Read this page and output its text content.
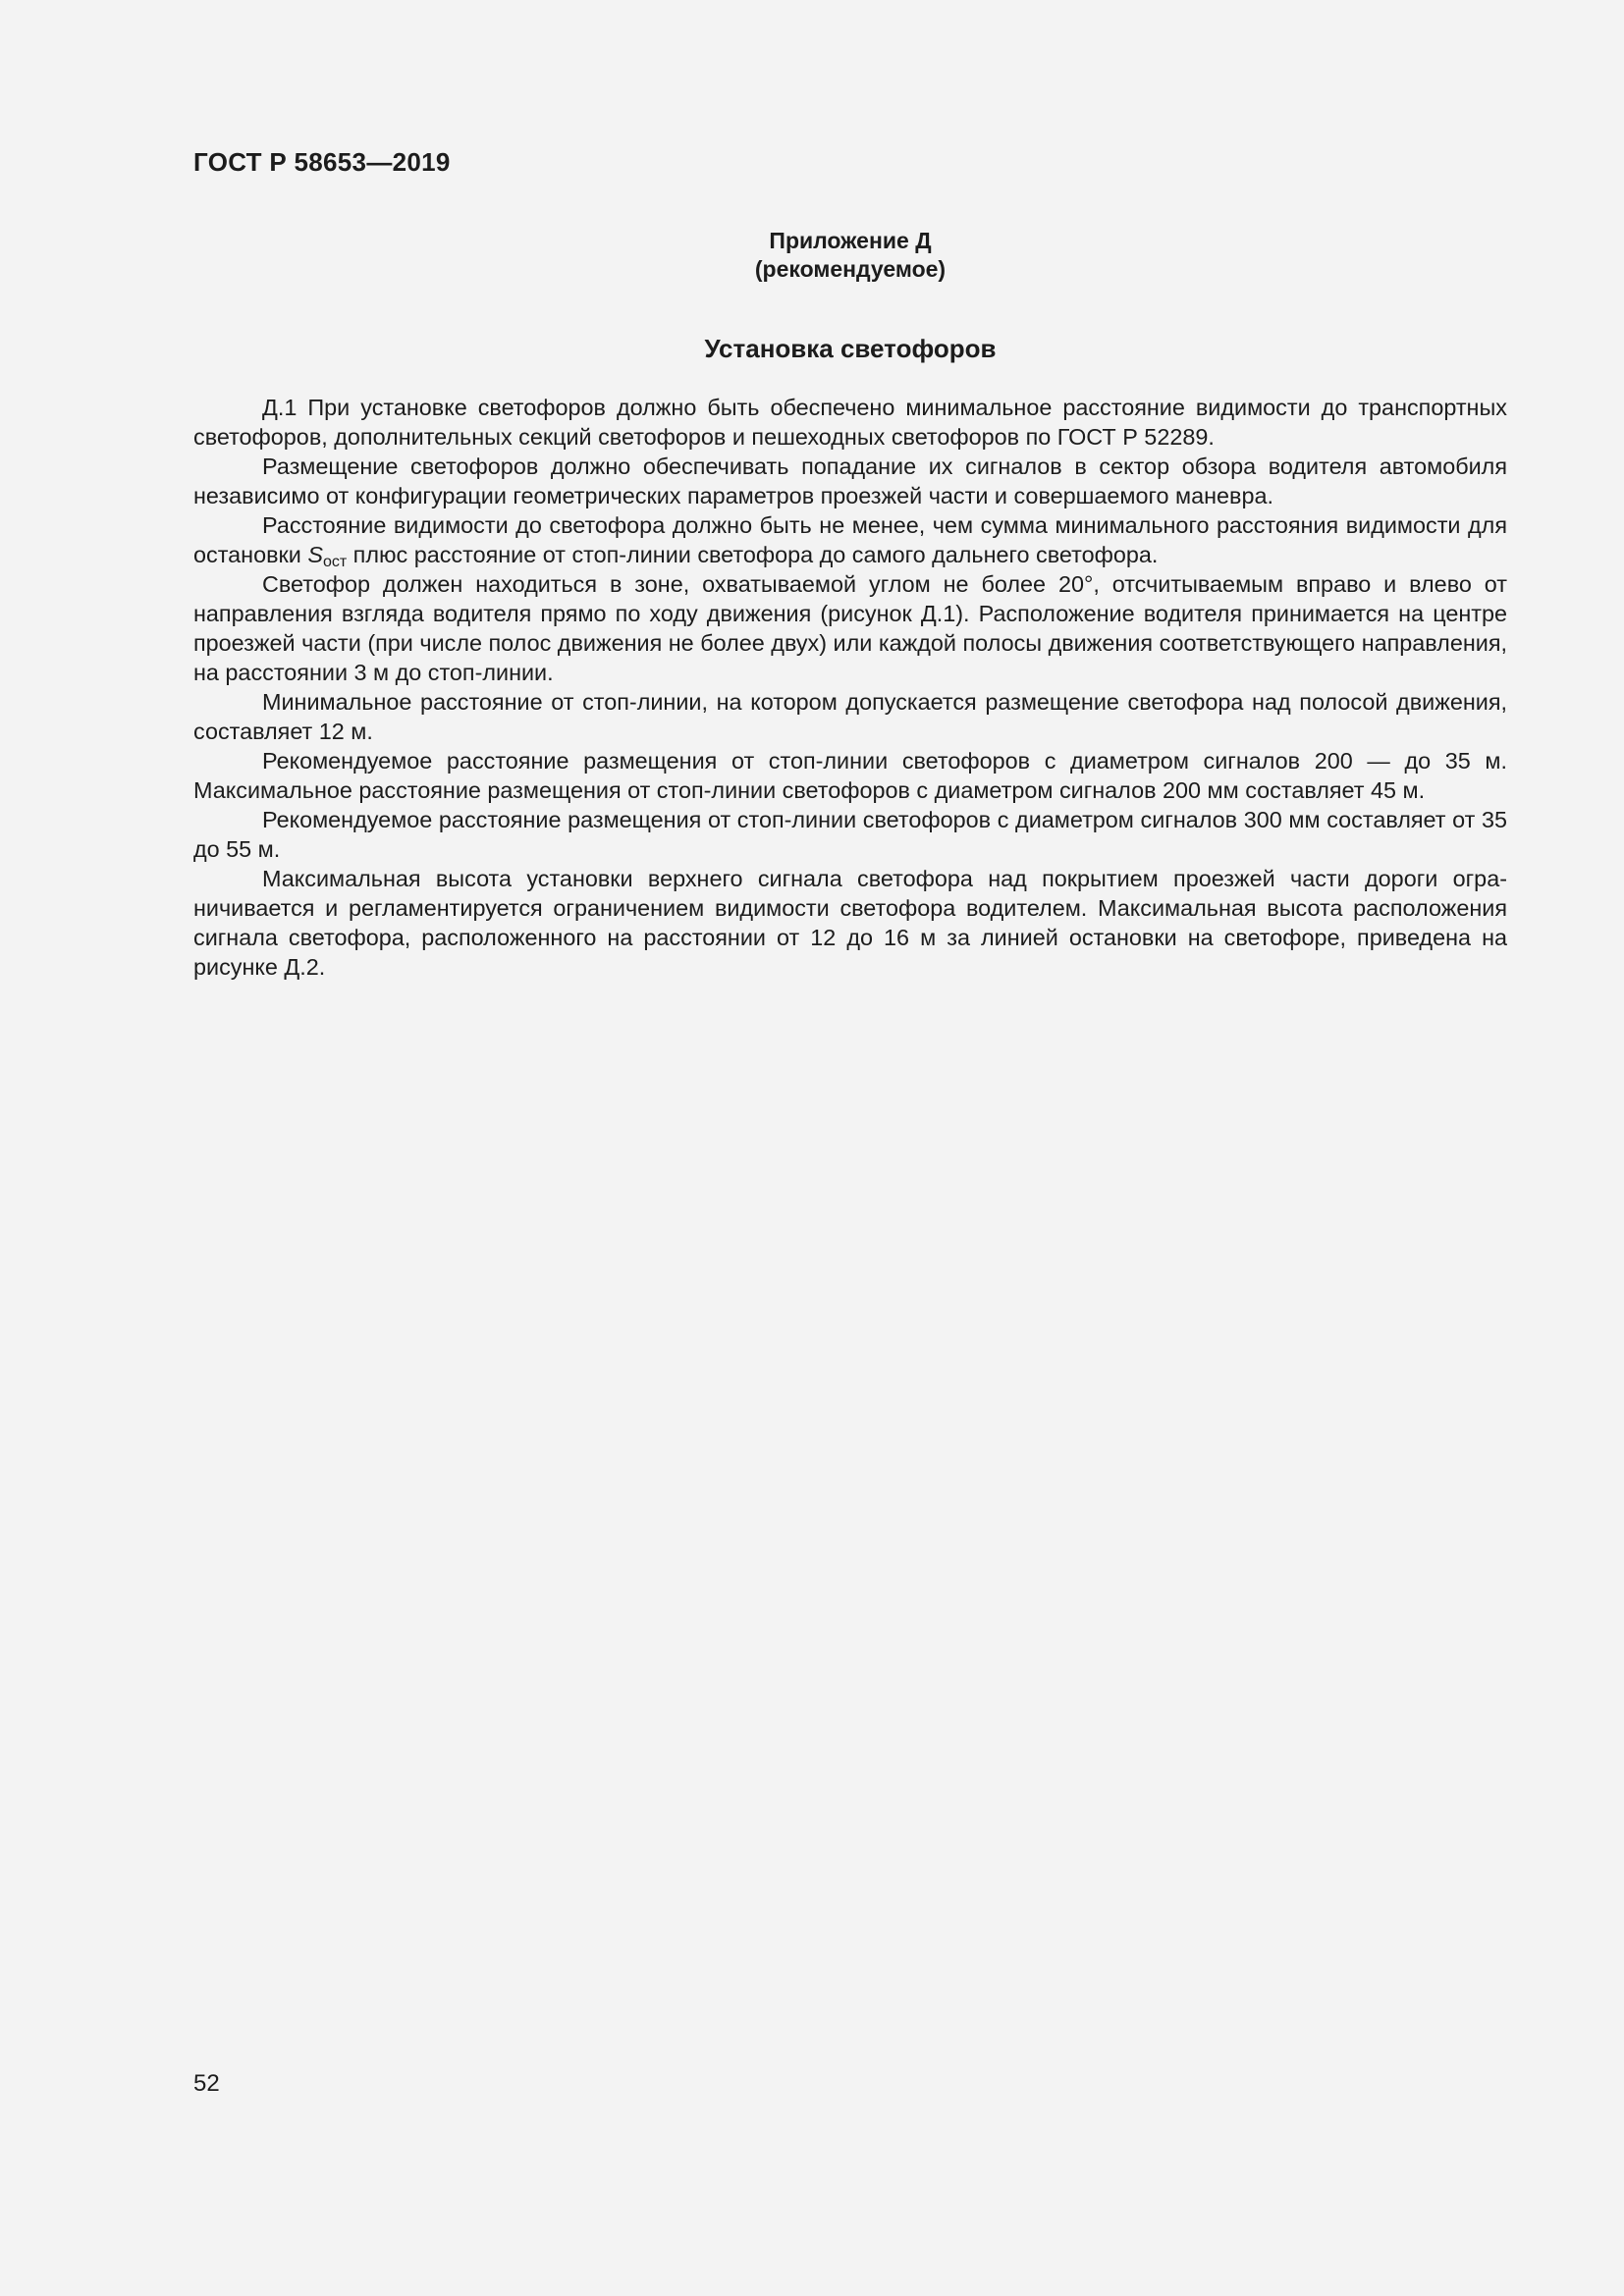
ГОСТ Р 58653—2019
Приложение Д
(рекомендуемое)
Установка светофоров

Д.1 При установке светофоров должно быть обеспечено минимальное расстояние видимости до транспортных светофоров, дополнительных секций светофоров и пешеходных светофоров по ГОСТ Р 52289.

Размещение светофоров должно обеспечивать попадание их сигналов в сектор обзора водителя автомобиля независимо от конфигурации геометрических параметров проезжей части и совершаемого маневра.

Расстояние видимости до светофора должно быть не менее, чем сумма минимального расстояния видимости для остановки $S_{ост}$ плюс расстояние от стоп-линии светофора до самого дальнего светофора.

Светофор должен находиться в зоне, охватываемой углом не более 20°, отсчитываемым вправо и влево от направления взгляда водителя прямо по ходу движения (рисунок Д.1). Расположение водителя принимается на центре проезжей части (при числе полос движения не более двух) или каждой полосы движения соответствующего направления, на расстоянии 3 м до стоп-линии.

Минимальное расстояние от стоп-линии, на котором допускается размещение светофора над полосой движения, составляет 12 м.

Рекомендуемое расстояние размещения от стоп-линии светофоров с диаметром сигналов 200 — до 35 м. Максимальное расстояние размещения от стоп-линии светофоров с диаметром сигналов 200 мм составляет 45 м.

Рекомендуемое расстояние размещения от стоп-линии светофоров с диаметром сигналов 300 мм составляет от 35 до 55 м.

Максимальная высота установки верхнего сигнала светофора над покрытием проезжей части дороги ограничивается и регламентируется ограничением видимости светофора водителем. Максимальная высота расположения сигнала светофора, расположенного на расстоянии от 12 до 16 м за линией остановки на светофоре, приведена на рисунке Д.2.

52
